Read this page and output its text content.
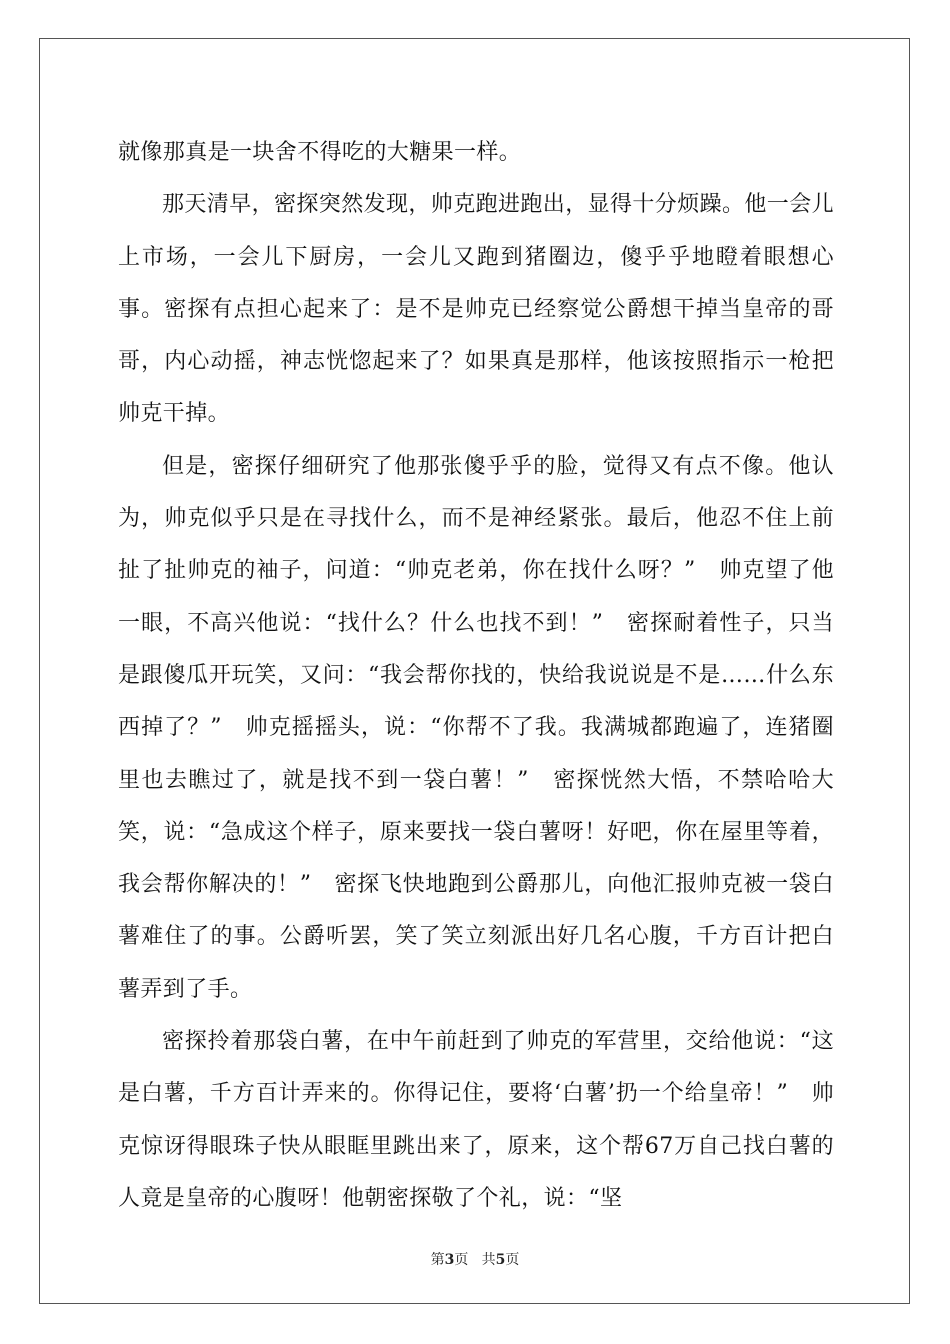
就像那真是一块舍不得吃的大糖果一样。

那天清早，密探突然发现，帅克跑进跑出，显得十分烦躁。他一会儿上市场，一会儿下厨房，一会儿又跑到猪圈边，傻乎乎地瞪着眼想心事。密探有点担心起来了：是不是帅克已经察觉公爵想干掉当皇帝的哥哥，内心动摇，神志恍惚起来了？如果真是那样，他该按照指示一枪把帅克干掉。

但是，密探仔细研究了他那张傻乎乎的脸，觉得又有点不像。他认为，帅克似乎只是在寻找什么，而不是神经紧张。最后，他忍不住上前扯了扯帅克的袖子，问道：“帅克老弟，你在找什么呀？”　帅克望了他一眼，不高兴他说：“找什么？什么也找不到！”　密探耐着性子，只当是跟傻瓜开玩笑，又问：“我会帮你找的，快给我说说是不是……什么东西掉了？”　帅克摇摇头，说：“你帮不了我。我满城都跑遍了，连猪圈里也去瞧过了，就是找不到一袋白薯！”　密探恍然大悟，不禁哈哈大笑，说：“急成这个样子，原来要找一袋白薯呀！好吧，你在屋里等着，我会帮你解决的！”　密探飞快地跑到公爵那儿，向他汇报帅克被一袋白薯难住了的事。公爵听罢，笑了笑立刻派出好几名心腹，千方百计把白薯弄到了手。

密探拎着那袋白薯，在中午前赶到了帅克的军营里，交给他说：“这是白薯，千方百计弄来的。你得记住，要将‘白薯’扔一个给皇帝！”　帅克惊讶得眼珠子快从眼眶里跳出来了，原来，这个帮67万自己找白薯的人竟是皇帝的心腹呀！他朝密探敬了个礼，说：“坚

第3页 共5页
